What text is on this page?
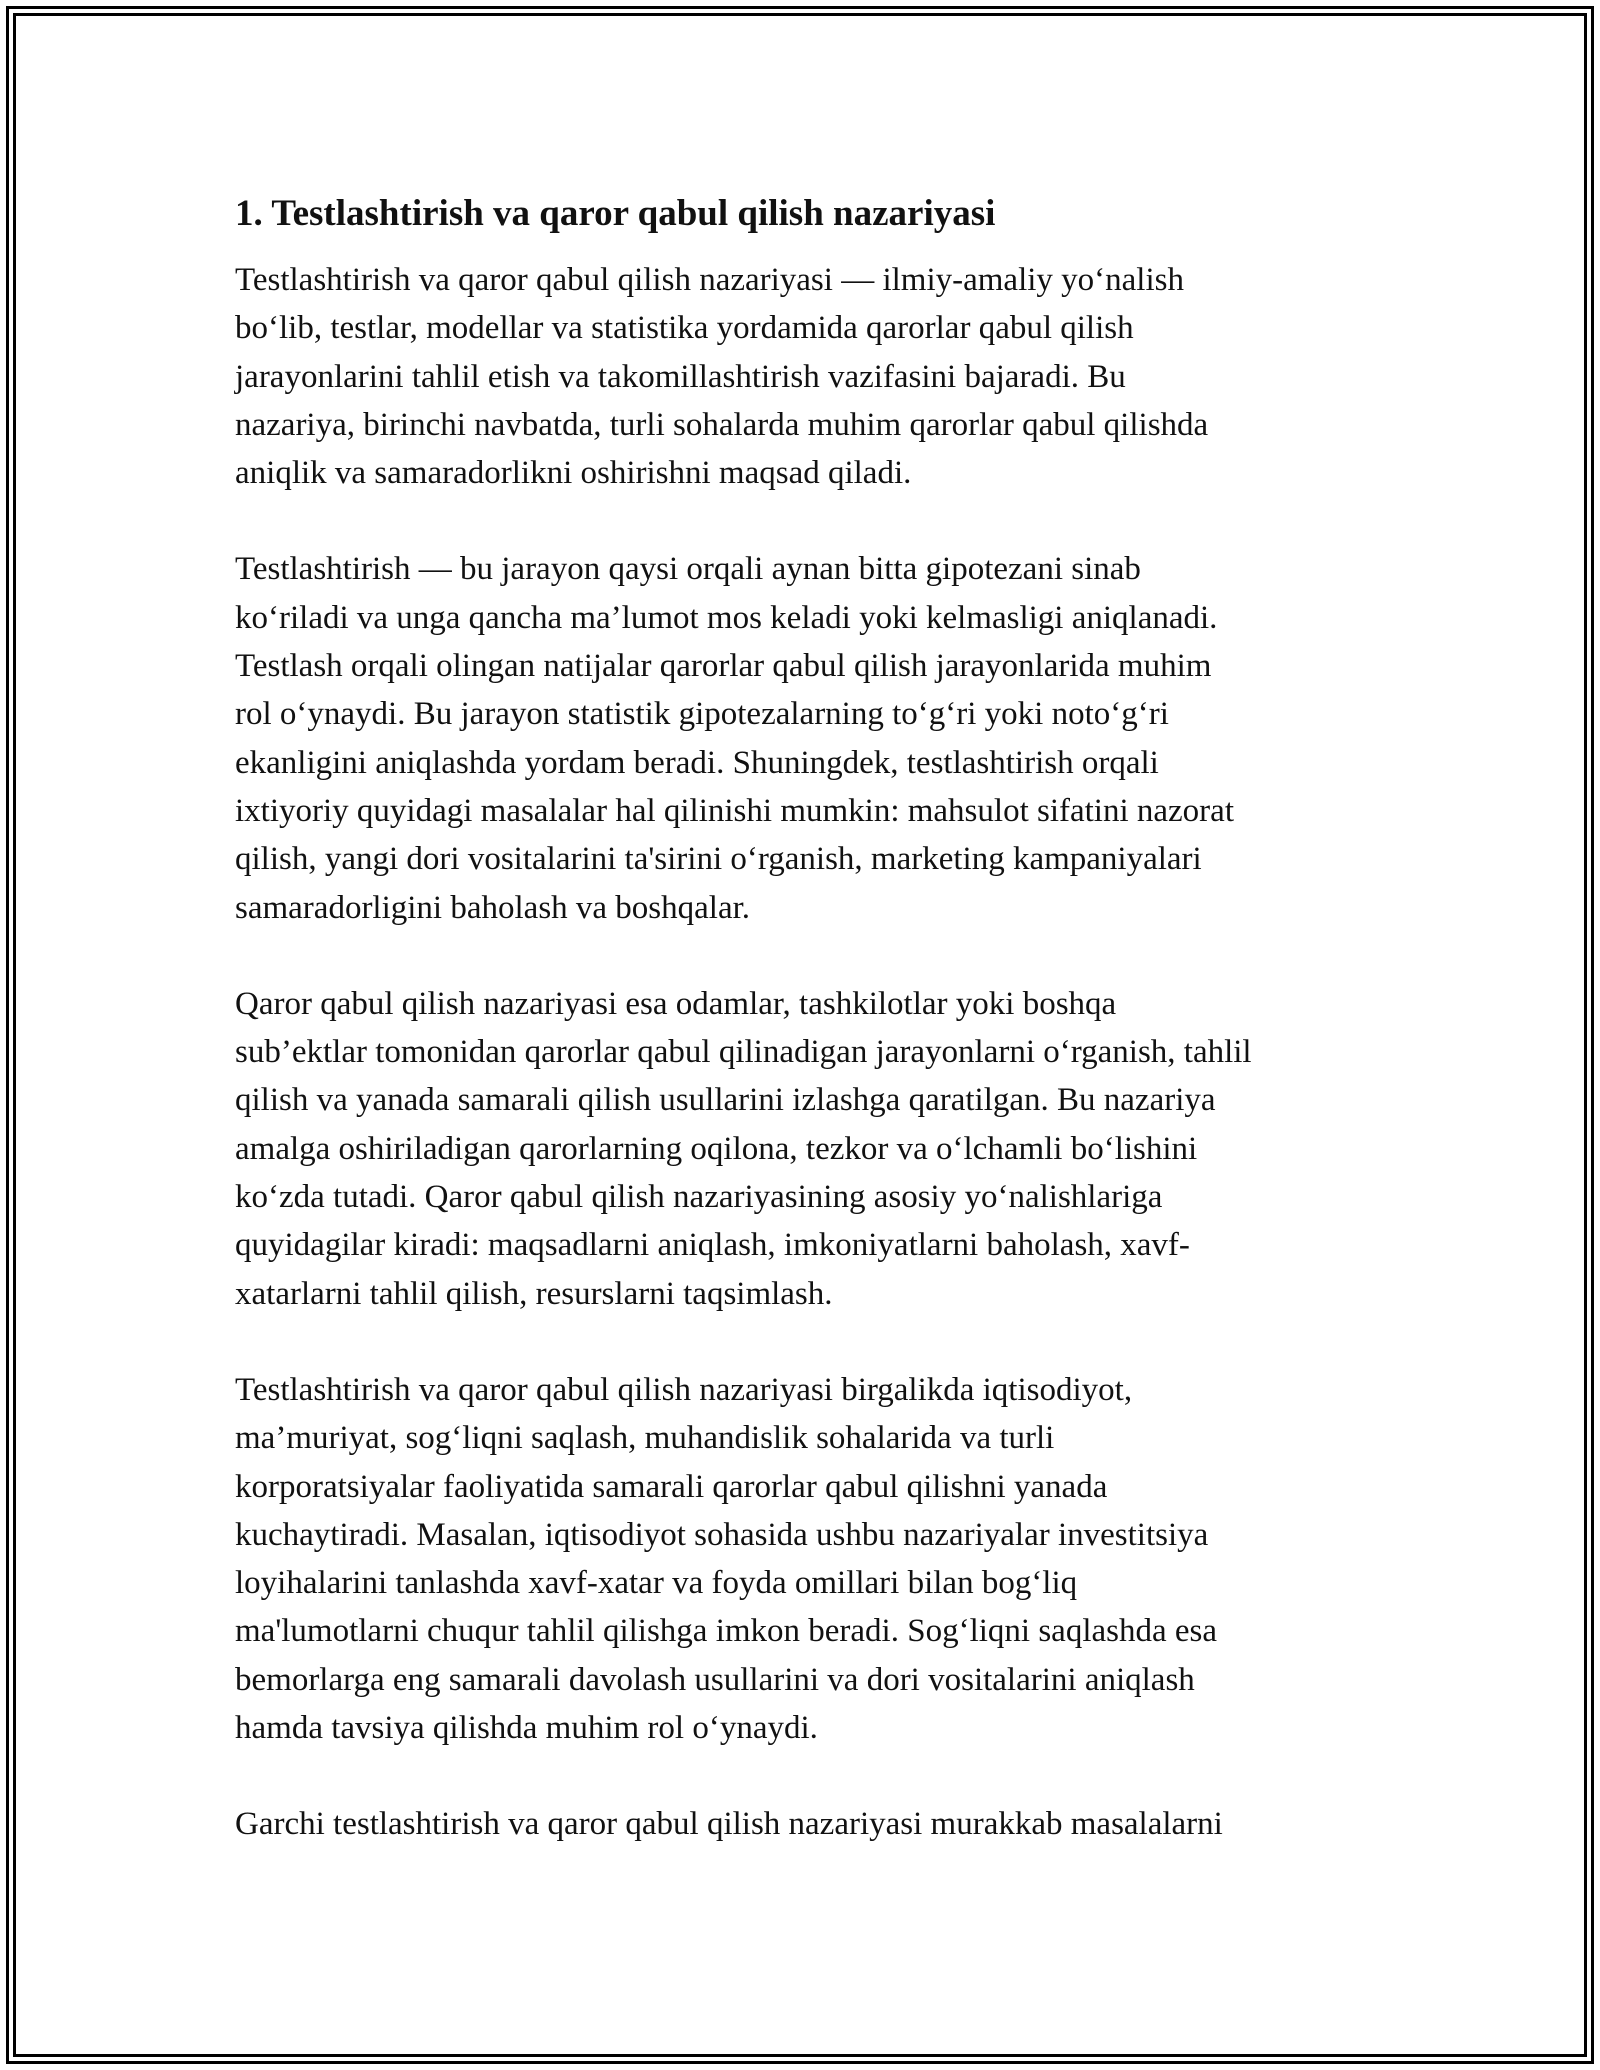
1. Testlashtirish va qaror qabul qilish nazariyasi

Testlashtirish va qaror qabul qilish nazariyasi — ilmiy-amaliy yo‘nalish
bo‘lib, testlar, modellar va statistika yordamida qarorlar qabul qilish
jarayonlarini tahlil etish va takomillashtirish vazifasini bajaradi. Bu
nazariya, birinchi navbatda, turli sohalarda muhim qarorlar qabul qilishda
aniqlik va samaradorlikni oshirishni maqsad qiladi.

Testlashtirish — bu jarayon qaysi orqali aynan bitta gipotezani sinab
ko‘riladi va unga qancha ma’lumot mos keladi yoki kelmasligi aniqlanadi.
Testlash orqali olingan natijalar qarorlar qabul qilish jarayonlarida muhim
rol o‘ynaydi. Bu jarayon statistik gipotezalarning to‘g‘ri yoki noto‘g‘ri
ekanligini aniqlashda yordam beradi. Shuningdek, testlashtirish orqali
ixtiyoriy quyidagi masalalar hal qilinishi mumkin: mahsulot sifatini nazorat
qilish, yangi dori vositalarini ta'sirini o‘rganish, marketing kampaniyalari
samaradorligini baholash va boshqalar.

Qaror qabul qilish nazariyasi esa odamlar, tashkilotlar yoki boshqa
sub’ektlar tomonidan qarorlar qabul qilinadigan jarayonlarni o‘rganish, tahlil
qilish va yanada samarali qilish usullarini izlashga qaratilgan. Bu nazariya
amalga oshiriladigan qarorlarning oqilona, tezkor va o‘lchamli bo‘lishini
ko‘zda tutadi. Qaror qabul qilish nazariyasining asosiy yo‘nalishlariga
quyidagilar kiradi: maqsadlarni aniqlash, imkoniyatlarni baholash, xavf-
xatarlarni tahlil qilish, resurslarni taqsimlash.

Testlashtirish va qaror qabul qilish nazariyasi birgalikda iqtisodiyot,
ma’muriyat, sog‘liqni saqlash, muhandislik sohalarida va turli
korporatsiyalar faoliyatida samarali qarorlar qabul qilishni yanada
kuchaytiradi. Masalan, iqtisodiyot sohasida ushbu nazariyalar investitsiya
loyihalarini tanlashda xavf-xatar va foyda omillari bilan bog‘liq
ma'lumotlarni chuqur tahlil qilishga imkon beradi. Sog‘liqni saqlashda esa
bemorlarga eng samarali davolash usullarini va dori vositalarini aniqlash
hamda tavsiya qilishda muhim rol o‘ynaydi.

Garchi testlashtirish va qaror qabul qilish nazariyasi murakkab masalalarni
